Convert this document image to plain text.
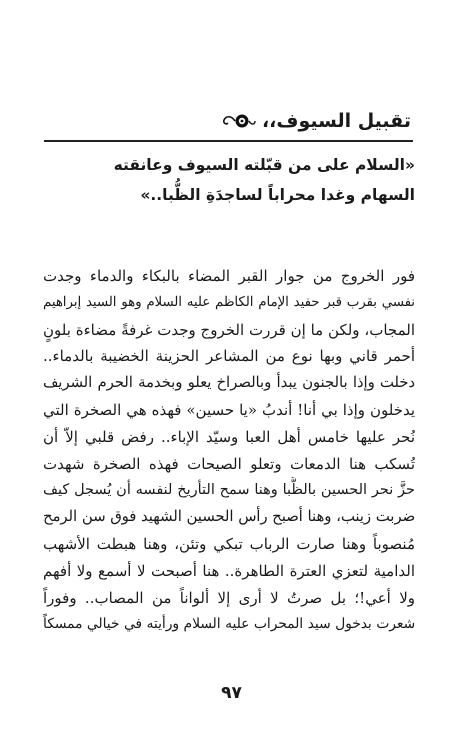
تقبيل السيوف،،
«السلام على من قبّلته السيوف وعانقته
السهام وغدا محراباً لساجدَةِ الظُّبا..»
فور الخروج من جوار القبر المضاء بالبكاء والدماء وجدت
نفسي بقرب قبر حفيد الإمام الكاظم عليه السلام وهو السيد إبراهيم
المجاب، ولكن ما إن قررت الخروج وجدت غرفةً مضاءة بلونٍ
أحمر قاني وبها نوع من المشاعر الحزينة الخضيبة بالدماء..
دخلت وإذا بالجنون يبدأ وبالصراخ يعلو وبخدمة الحرم الشريف
يدخلون وإذا بي أنا! أندبُ «يا حسين» فهذه هي الصخرة التي
نُحر عليها خامس أهل العبا وسيّد الإباء.. رفض قلبي إلاّ أن
تُسكب هنا الدمعات وتعلو الصيحات فهذه الصخرة شهدت
حزَّ نحر الحسين بالظُّبا وهنا سمح التأريخ لنفسه أن يُسجل كيف
ضربت زينب، وهنا أصبح رأس الحسين الشهيد فوق سن الرمح
مُنصوباً وهنا صارت الرباب تبكي وتئن، وهنا هبطت الأشهب
الدامية لتعزي العترة الطاهرة.. هنا أصبحت لا أسمع ولا أفهم
ولا أعي!؛ بل صرتُ لا أرى إلا ألواناً من المصاب.. وفوراً
شعرت بدخول سيد المحراب عليه السلام ورأيته في خيالي ممسكاً
٩٧
